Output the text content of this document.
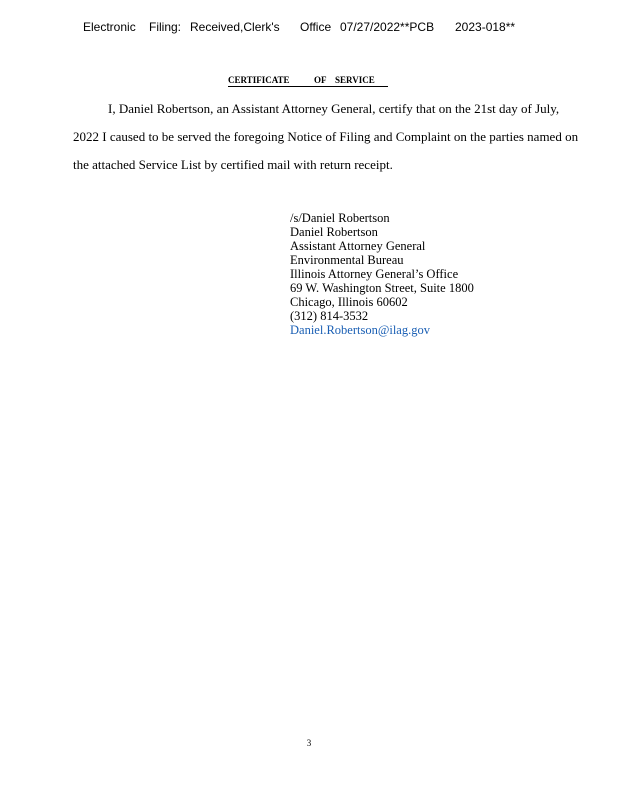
Electronic Filing: Received,Clerk's Office 07/27/2022**PCB 2023-018**
CERTIFICATE	OF SERVICE
I, Daniel Robertson, an Assistant Attorney General, certify that on the 21st day of July,
2022 I caused to be served the foregoing Notice of Filing and Complaint on the parties named on
the attached Service List by certified mail with return receipt.
/s/Daniel Robertson
Daniel Robertson
Assistant Attorney General
Environmental Bureau
Illinois Attorney General’s Office
69 W. Washington Street, Suite 1800
Chicago, Illinois 60602
(312) 814-3532
Daniel.Robertson@ilag.gov
3
